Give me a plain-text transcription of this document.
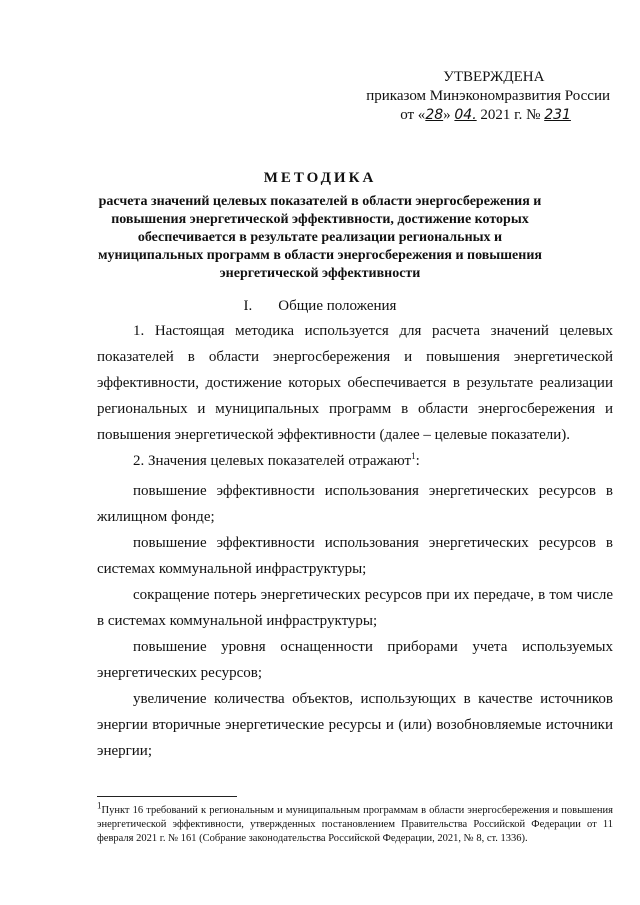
УТВЕРЖДЕНА
приказом Минэкономразвития России
от «28» 04. 2021 г. № 231
МЕТОДИКА
расчета значений целевых показателей в области энергосбережения и повышения энергетической эффективности, достижение которых обеспечивается в результате реализации региональных и муниципальных программ в области энергосбережения и повышения энергетической эффективности
I. Общие положения

1. Настоящая методика используется для расчета значений целевых показателей в области энергосбережения и повышения энергетической эффективности, достижение которых обеспечивается в результате реализации региональных и муниципальных программ в области энергосбережения и повышения энергетической эффективности (далее – целевые показатели).

2. Значения целевых показателей отражают$^1$:

повышение эффективности использования энергетических ресурсов в жилищном фонде;

повышение эффективности использования энергетических ресурсов в системах коммунальной инфраструктуры;

сокращение потерь энергетических ресурсов при их передаче, в том числе в системах коммунальной инфраструктуры;

повышение уровня оснащенности приборами учета используемых энергетических ресурсов;

увеличение количества объектов, использующих в качестве источников энергии вторичные энергетические ресурсы и (или) возобновляемые источники энергии;

$^1$Пункт 16 требований к региональным и муниципальным программам в области энергосбережения и повышения энергетической эффективности, утвержденных постановлением Правительства Российской Федерации от 11 февраля 2021 г. № 161 (Собрание законодательства Российской Федерации, 2021, № 8, ст. 1336).
